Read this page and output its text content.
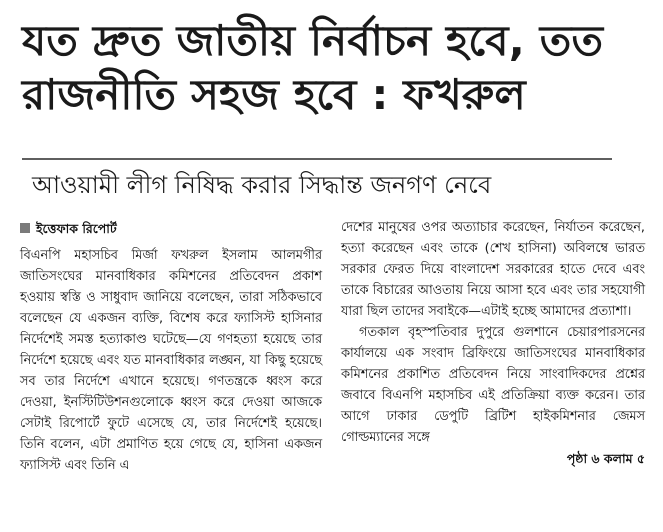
যত দ্রুত জাতীয় নির্বাচন হবে, তত
রাজনীতি সহজ হবে : ফখরুল
আওয়ামী লীগ নিষিদ্ধ করার সিদ্ধান্ত জনগণ নেবে
ইত্তেফাক রিপোর্ট

বিএনপি মহাসচিব মির্জা ফখরুল ইসলাম আলমগীর জাতিসংঘের মানবাধিকার কমিশনের প্রতিবেদন প্রকাশ হওয়ায় স্বস্তি ও সাধুবাদ জানিয়ে বলেছেন, তারা সঠিকভাবে বলেছেন যে একজন ব্যক্তি, বিশেষ করে ফ্যাসিস্ট হাসিনার নির্দেশেই সমস্ত হত্যাকাণ্ড ঘটেছে—যে গণহত্যা হয়েছে তার নির্দেশে হয়েছে এবং যত মানবাধিকার লঙ্ঘন, যা কিছু হয়েছে সব তার নির্দেশে এখানে হয়েছে। গণতন্ত্রকে ধ্বংস করে দেওয়া, ইনস্টিটিউশনগুলোকে ধ্বংস করে দেওয়া আজকে সেটাই রিপোর্টে ফুটে এসেছে যে, তার নির্দেশেই হয়েছে। তিনি বলেন, এটা প্রমাণিত হয়ে গেছে যে, হাসিনা একজন ফ্যাসিস্ট এবং তিনি এ

দেশের মানুষের ওপর অত্যাচার করেছেন, নির্যাতন করেছেন, হত্যা করেছেন এবং তাকে (শেখ হাসিনা) অবিলম্বে ভারত সরকার ফেরত দিয়ে বাংলাদেশ সরকারের হাতে দেবে এবং তাকে বিচারের আওতায় নিয়ে আসা হবে এবং তার সহযোগী যারা ছিল তাদের সবাইকে—এটাই হচ্ছে আমাদের প্রত্যাশা।

গতকাল বৃহস্পতিবার দুপুরে গুলশানে চেয়ারপারসনের কার্যালয়ে এক সংবাদ ব্রিফিংয়ে জাতিসংঘের মানবাধিকার কমিশনের প্রকাশিত প্রতিবেদন নিয়ে সাংবাদিকদের প্রশ্নের জবাবে বিএনপি মহাসচিব এই প্রতিক্রিয়া ব্যক্ত করেন। তার আগে ঢাকার ডেপুটি ব্রিটিশ হাইকমিশনার জেমস গোল্ডম্যানের সঙ্গে

পৃষ্ঠা ৬ কলাম ৫
